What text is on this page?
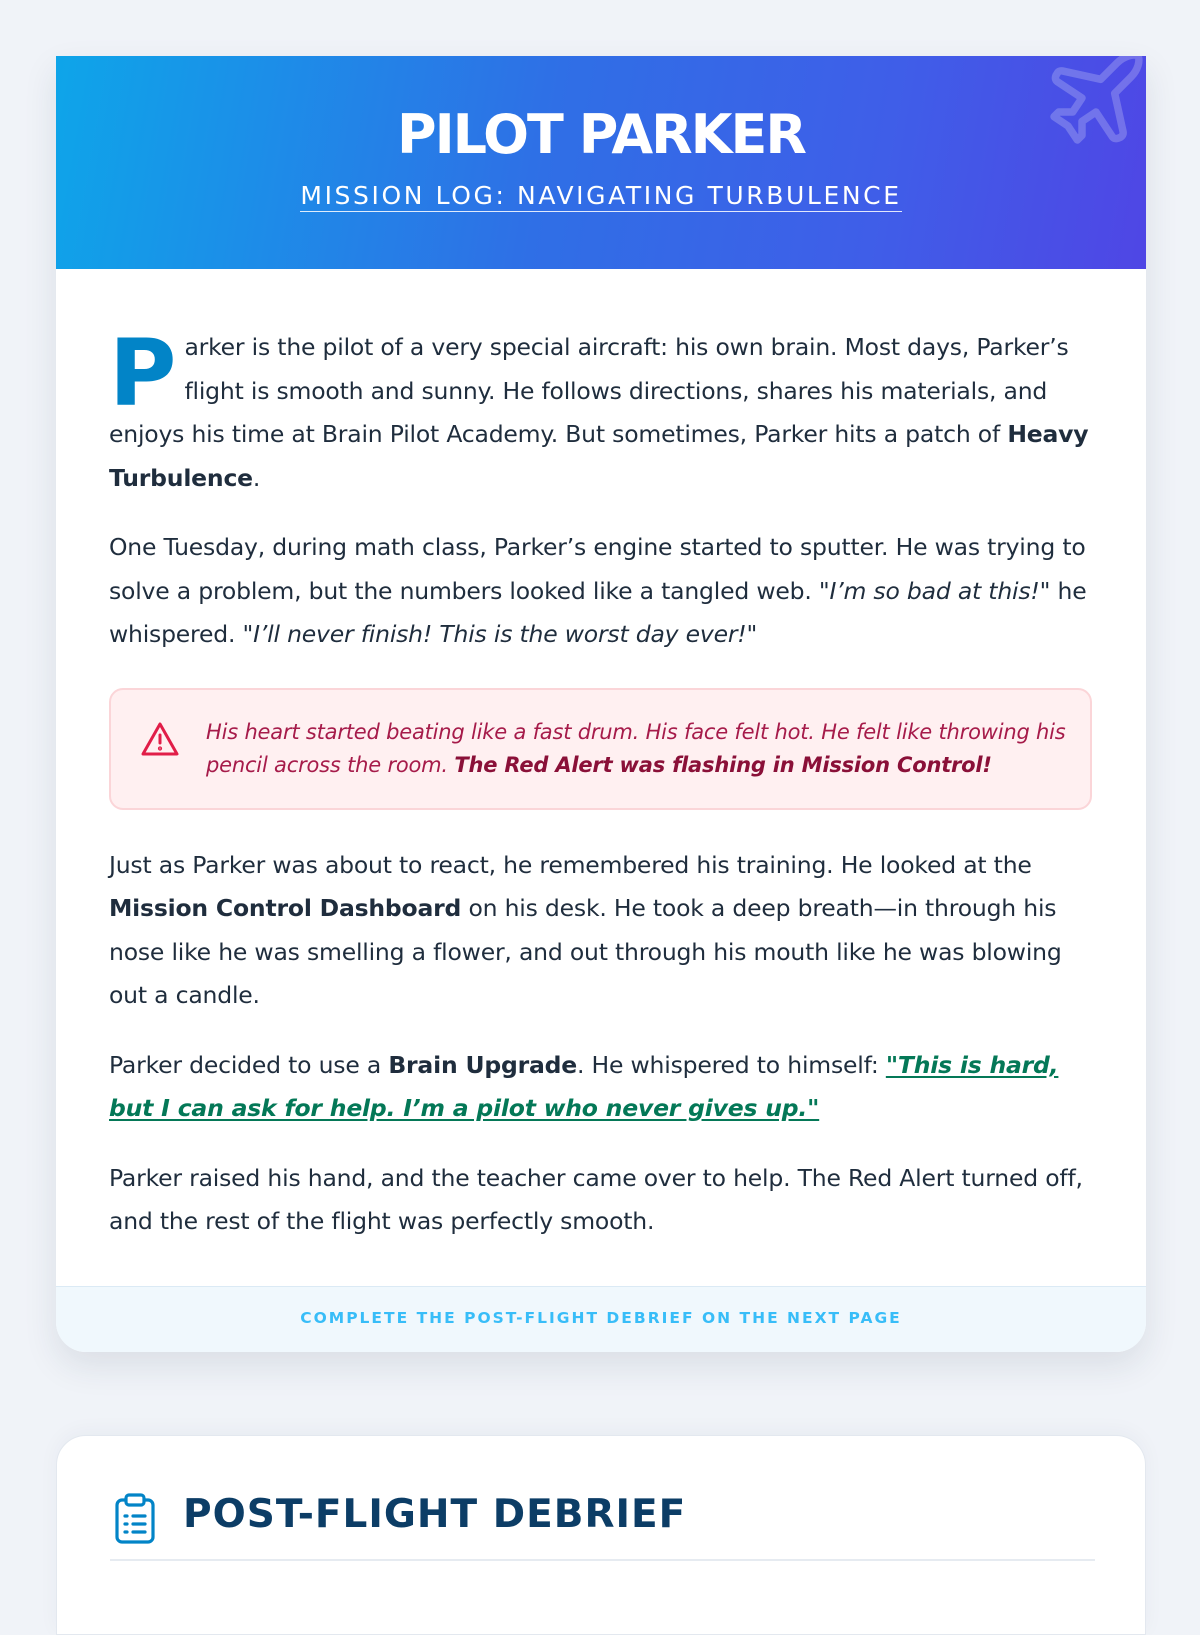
PILOT PARKER
MISSION LOG: NAVIGATING TURBULENCE

Parker is the pilot of a very special aircraft: his own brain. Most days, Parker’s flight is smooth and sunny. He follows directions, shares his materials, and enjoys his time at Brain Pilot Academy. But sometimes, Parker hits a patch of Heavy Turbulence.

One Tuesday, during math class, Parker’s engine started to sputter. He was trying to solve a problem, but the numbers looked like a tangled web. "I’m so bad at this!" he whispered. "I’ll never finish! This is the worst day ever!"

His heart started beating like a fast drum. His face felt hot. He felt like throwing his pencil across the room. The Red Alert was flashing in Mission Control!

Just as Parker was about to react, he remembered his training. He looked at the Mission Control Dashboard on his desk. He took a deep breath—in through his nose like he was smelling a flower, and out through his mouth like he was blowing out a candle.

Parker decided to use a Brain Upgrade. He whispered to himself: "This is hard, but I can ask for help. I’m a pilot who never gives up."

Parker raised his hand, and the teacher came over to help. The Red Alert turned off, and the rest of the flight was perfectly smooth.

COMPLETE THE POST-FLIGHT DEBRIEF ON THE NEXT PAGE
POST-FLIGHT DEBRIEF
